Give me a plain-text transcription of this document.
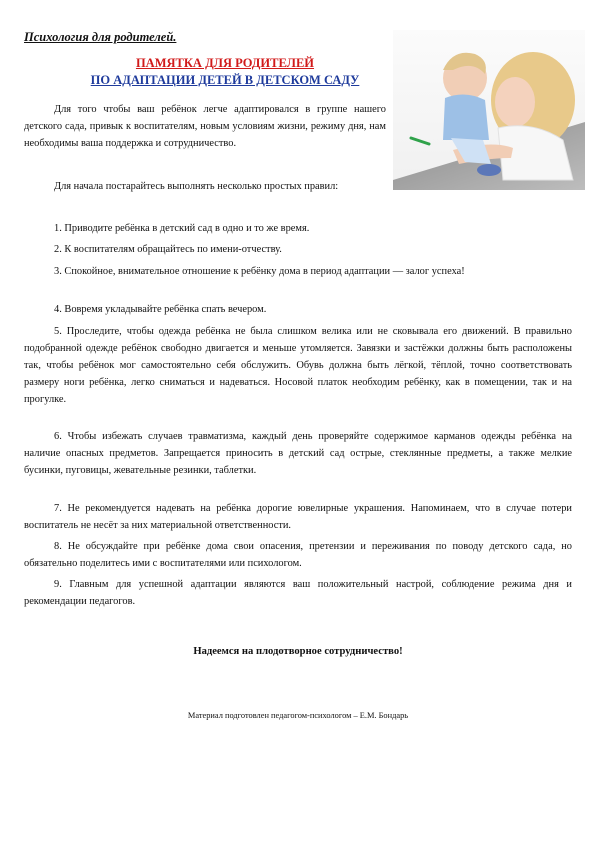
Психология для родителей.
ПАМЯТКА ДЛЯ РОДИТЕЛЕЙ
ПО АДАПТАЦИИ ДЕТЕЙ В ДЕТСКОМ САДУ

Для того чтобы ваш ребёнок легче адаптировался в группе нашего детского сада, привык к воспитателям, новым условиям жизни, режиму дня, нам необходимы ваша поддержка и сотрудничество.

Для начала постарайтесь выполнять несколько простых правил:

1. Приводите ребёнка в детский сад в одно и то же время.

2. К воспитателям обращайтесь по имени-отчеству.

3. Спокойное, внимательное отношение к ребёнку дома в период адаптации — залог успеха!

4. Вовремя укладывайте ребёнка спать вечером.

5. Проследите, чтобы одежда ребёнка не была слишком велика или не сковывала его движений. В правильно подобранной одежде ребёнок свободно двигается и меньше утомляется. Завязки и застёжки должны быть расположены так, чтобы ребёнок мог самостоятельно себя обслужить. Обувь должна быть лёгкой, тёплой, точно соответствовать размеру ноги ребёнка, легко сниматься и надеваться. Носовой платок необходим ребёнку, как в помещении, так и на прогулке.

6. Чтобы избежать случаев травматизма, каждый день проверяйте содержимое карманов одежды ребёнка на наличие опасных предметов. Запрещается приносить в детский сад острые, стеклянные предметы, а также мелкие бусинки, пуговицы, жевательные резинки, таблетки.

7. Не рекомендуется надевать на ребёнка дорогие ювелирные украшения. Напоминаем, что в случае потери воспитатель не несёт за них материальной ответственности.

8. Не обсуждайте при ребёнке дома свои опасения, претензии и переживания по поводу детского сада, но обязательно поделитесь ими с воспитателями или психологом.

9. Главным для успешной адаптации являются ваш положительный настрой, соблюдение режима дня и рекомендации педагогов.

Надеемся на плодотворное сотрудничество!
Материал подготовлен педагогом-психологом – Е.М. Бондарь
